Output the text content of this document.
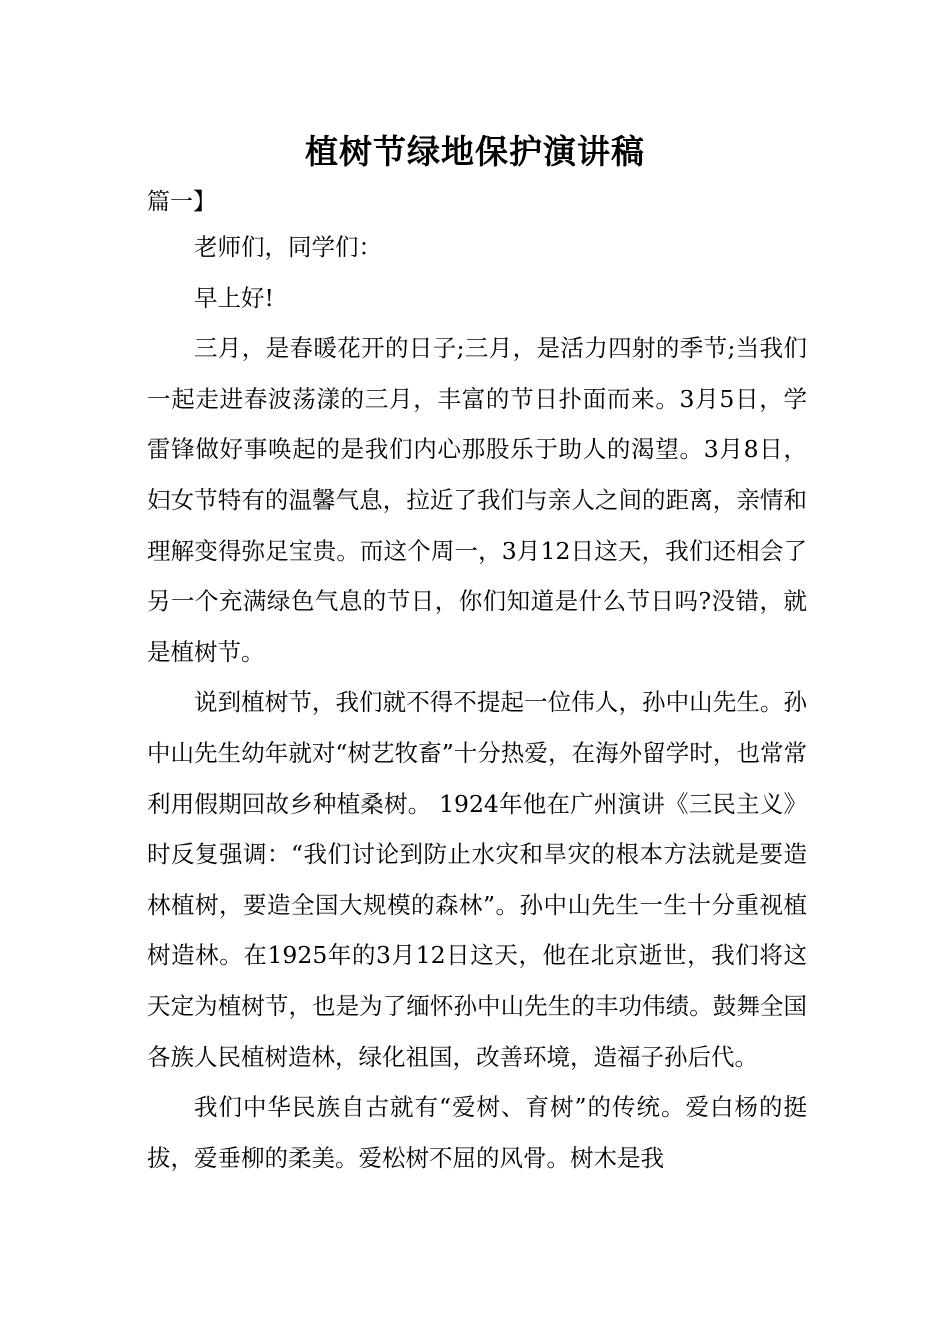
植树节绿地保护演讲稿
篇一】

老师们，同学们：

早上好!

三月，是春暖花开的日子;三月，是活力四射的季节;当我们一起走进春波荡漾的三月，丰富的节日扑面而来。3月5日，学雷锋做好事唤起的是我们内心那股乐于助人的渴望。3月8日，妇女节特有的温馨气息，拉近了我们与亲人之间的距离，亲情和理解变得弥足宝贵。而这个周一，3月12日这天，我们还相会了另一个充满绿色气息的节日，你们知道是什么节日吗?没错，就是植树节。

说到植树节，我们就不得不提起一位伟人，孙中山先生。孙中山先生幼年就对“树艺牧畜”十分热爱，在海外留学时，也常常利用假期回故乡种植桑树。 1924年他在广州演讲《三民主义》时反复强调：“我们讨论到防止水灾和旱灾的根本方法就是要造林植树，要造全国大规模的森林”。孙中山先生一生十分重视植树造林。在1925年的3月12日这天，他在北京逝世，我们将这天定为植树节，也是为了缅怀孙中山先生的丰功伟绩。鼓舞全国各族人民植树造林，绿化祖国，改善环境，造福子孙后代。

我们中华民族自古就有“爱树、育树”的传统。爱白杨的挺拔，爱垂柳的柔美。爱松树不屈的风骨。树木是我
